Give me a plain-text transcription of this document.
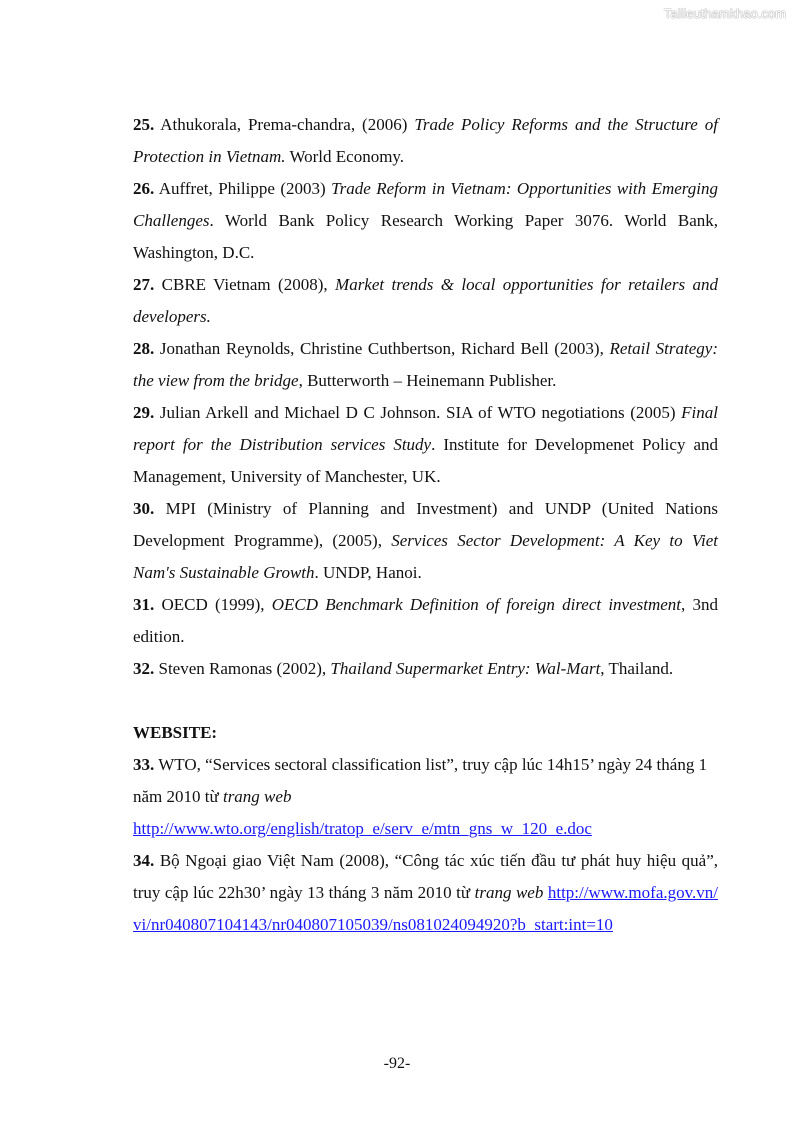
Tailieuthamkhao.com

25. Athukorala, Prema-chandra, (2006) Trade Policy Reforms and the Structure of Protection in Vietnam. World Economy.

26. Auffret, Philippe (2003) Trade Reform in Vietnam: Opportunities with Emerging Challenges. World Bank Policy Research Working Paper 3076. World Bank, Washington, D.C.

27. CBRE Vietnam (2008), Market trends & local opportunities for retailers and developers.

28. Jonathan Reynolds, Christine Cuthbertson, Richard Bell (2003), Retail Strategy: the view from the bridge, Butterworth – Heinemann Publisher.

29. Julian Arkell and Michael D C Johnson. SIA of WTO negotiations (2005) Final report for the Distribution services Study. Institute for Developmenet Policy and Management, University of Manchester, UK.

30. MPI (Ministry of Planning and Investment) and UNDP (United Nations Development Programme), (2005), Services Sector Development: A Key to Viet Nam's Sustainable Growth. UNDP, Hanoi.

31. OECD (1999), OECD Benchmark Definition of foreign direct investment, 3nd edition.

32. Steven Ramonas (2002), Thailand Supermarket Entry: Wal-Mart, Thailand.

WEBSITE:

33. WTO, “Services sectoral classification list”, truy cập lúc 14h15’ ngày 24 tháng 1 năm 2010 từ trang web
http://www.wto.org/english/tratop_e/serv_e/mtn_gns_w_120_e.doc

34. Bộ Ngoại giao Việt Nam (2008), “Công tác xúc tiến đầu tư phát huy hiệu quả”, truy cập lúc 22h30’ ngày 13 tháng 3 năm 2010 từ trang web http://www.mofa.gov.vn/vi/nr040807104143/nr040807105039/ns081024094920?b_start:int=10

-92-
